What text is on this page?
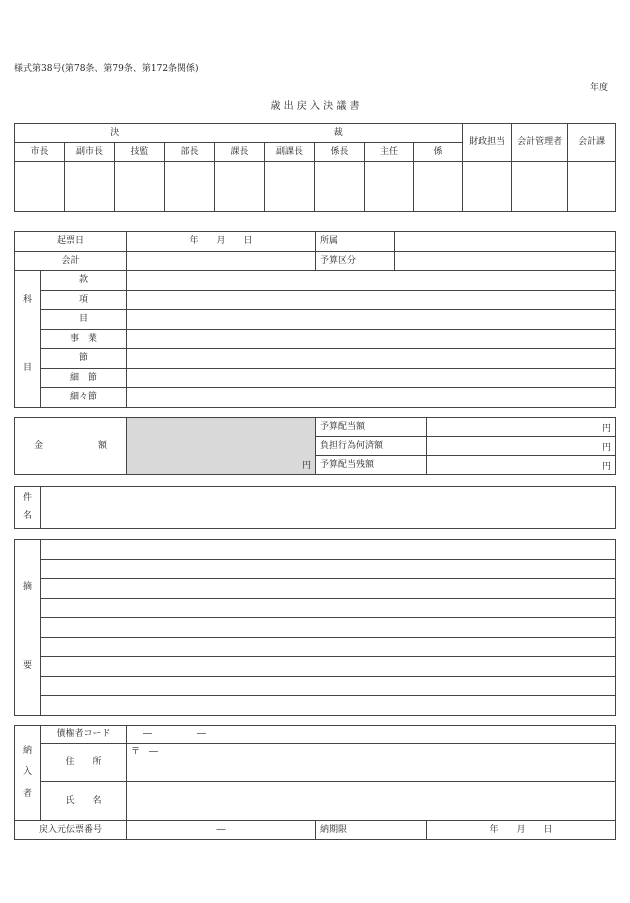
様式第38号(第78条、第79条、第172条関係)
年度
歳 出 戻 入 決 議 書
決				裁					財政担当	会計管理者	会計課
市長	副市長	技監	部長	課長	副課長	係長	主任	係			

起票日		年　　月　　日	所属	
会計			予算区分	
科	款			
	項			
	目			
目	事　業			
	節			
	細　節			
	細々節			
金 額	円	予算配当額	円
		負担行為何済額	円
		予算配当残額	円
件
名

摘
要

納
入
者	債権者コード	―　　　　　―		
	住　　所	〒　―		
	氏　　名			
戻入元伝票番号		―	納期限	年　　月　　日
